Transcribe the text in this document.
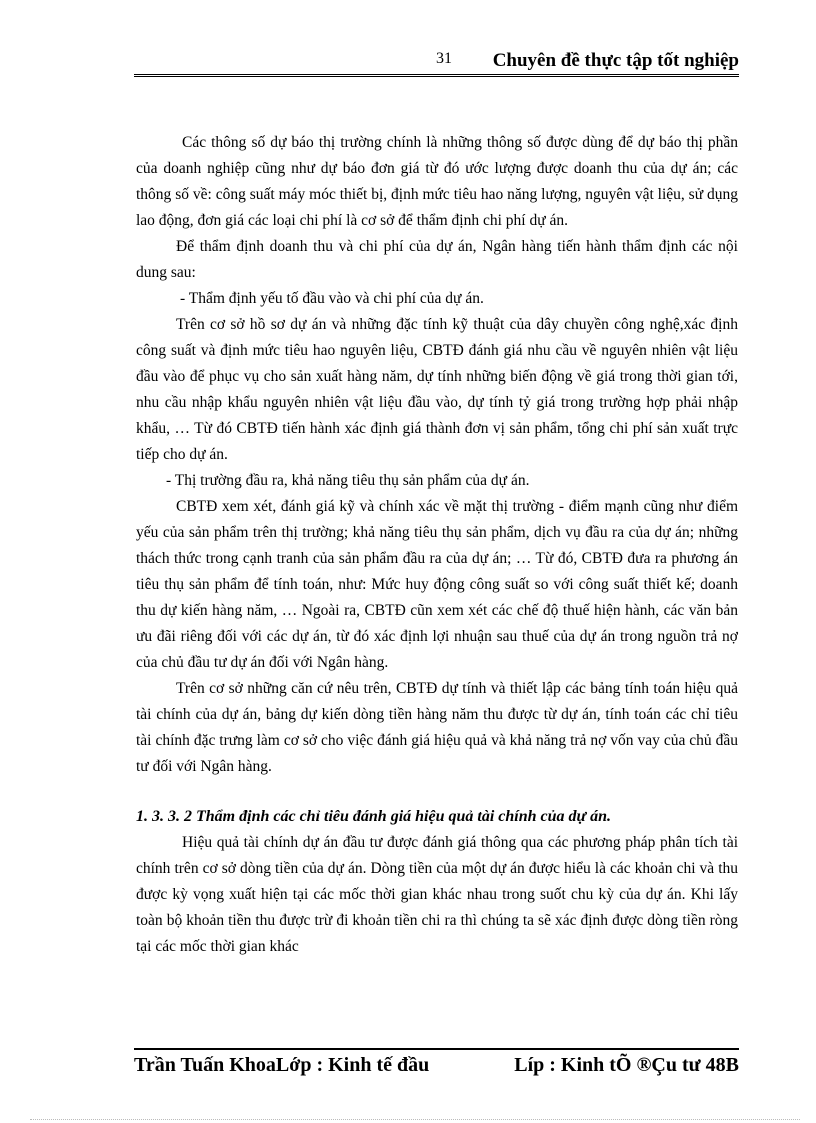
31 Chuyên đề thực tập tốt nghiệp

Các thông số dự báo thị trường chính là những thông số được dùng để dự báo thị phần của doanh nghiệp cũng như dự báo đơn giá từ đó ước lượng được doanh thu của dự án; các thông số về: công suất máy móc thiết bị, định mức tiêu hao năng lượng, nguyên vật liệu, sử dụng lao động, đơn giá các loại chi phí là cơ sở để thẩm định chi phí dự án.

Để thẩm định doanh thu và chi phí của dự án, Ngân hàng tiến hành thẩm định các nội dung sau:

- Thẩm định yếu tố đầu vào và chi phí của dự án.

Trên cơ sở hồ sơ dự án và những đặc tính kỹ thuật của dây chuyền công nghệ,xác định công suất và định mức tiêu hao nguyên liệu, CBTĐ đánh giá nhu cầu về nguyên nhiên vật liệu đầu vào để phục vụ cho sản xuất hàng năm, dự tính những biến động về giá trong thời gian tới, nhu cầu nhập khẩu nguyên nhiên vật liệu đầu vào, dự tính tỷ giá trong trường hợp phải nhập khẩu, … Từ đó CBTĐ tiến hành xác định giá thành đơn vị sản phẩm, tổng chi phí sản xuất trực tiếp cho dự án.

- Thị trường đầu ra, khả năng tiêu thụ sản phẩm của dự án.

CBTĐ xem xét, đánh giá kỹ và chính xác về mặt thị trường - điểm mạnh cũng như điểm yếu của sản phẩm trên thị trường; khả năng tiêu thụ sản phẩm, dịch vụ đầu ra của dự án; những thách thức trong cạnh tranh của sản phẩm đầu ra của dự án; … Từ đó, CBTĐ đưa ra phương án tiêu thụ sản phẩm để tính toán, như: Mức huy động công suất so với công suất thiết kế; doanh thu dự kiến hàng năm, … Ngoài ra, CBTĐ cũn xem xét các chế độ thuế hiện hành, các văn bản ưu đãi riêng đối với các dự án, từ đó xác định lợi nhuận sau thuế của dự án trong nguồn trả nợ của chủ đầu tư dự án đối với Ngân hàng.

Trên cơ sở những căn cứ nêu trên, CBTĐ dự tính và thiết lập các bảng tính toán hiệu quả tài chính của dự án, bảng dự kiến dòng tiền hàng năm thu được từ dự án, tính toán các chỉ tiêu tài chính đặc trưng làm cơ sở cho việc đánh giá hiệu quả và khả năng trả nợ vốn vay của chủ đầu tư đối với Ngân hàng.

1. 3. 3. 2 Thẩm định các chỉ tiêu đánh giá hiệu quả tài chính của dự án.

Hiệu quả tài chính dự án đầu tư được đánh giá thông qua các phương pháp phân tích tài chính trên cơ sở dòng tiền của dự án. Dòng tiền của một dự án được hiểu là các khoản chi và thu được kỳ vọng xuất hiện tại các mốc thời gian khác nhau trong suốt chu kỳ của dự án. Khi lấy toàn bộ khoản tiền thu được trừ đi khoản tiền chi ra thì chúng ta sẽ xác định được dòng tiền ròng tại các mốc thời gian khác

Trần Tuấn KhoaLớp : Kinh tế đầu	Líp : Kinh tÕ ®Çu tư 48B
